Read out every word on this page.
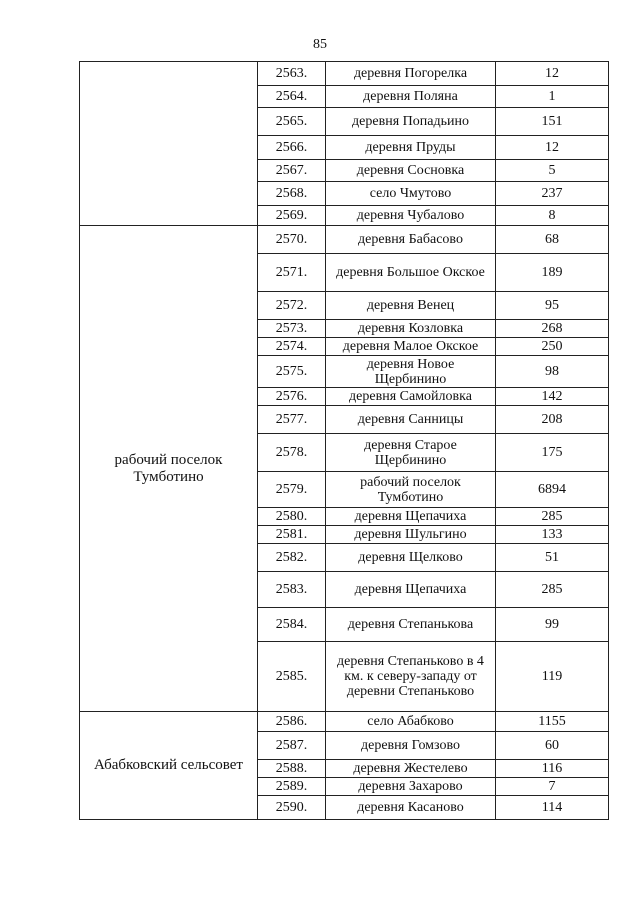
85
	2563.	деревня Погорелка	12
	2564.	деревня Поляна	1
	2565.	деревня Попадьино	151
	2566.	деревня Пруды	12
	2567.	деревня Сосновка	5
	2568.	село Чмутово	237
	2569.	деревня Чубалово	8
рабочий поселок Тумботино	2570.	деревня Бабасово	68
	2571.	деревня Большое Окское	189
	2572.	деревня Венец	95
	2573.	деревня Козловка	268
	2574.	деревня Малое Окское	250
	2575.	деревня Новое Щербинино	98
	2576.	деревня Самойловка	142
	2577.	деревня Санницы	208
	2578.	деревня Старое Щербинино	175
	2579.	рабочий поселок Тумботино	6894
	2580.	деревня Щепачиха	285
	2581.	деревня Шульгино	133
	2582.	деревня Щелково	51
	2583.	деревня Щепачиха	285
	2584.	деревня Степанькова	99
	2585.	деревня Степаньково в 4 км. к северу-западу от деревни Степаньково	119
Абабковский сельсовет	2586.	село Абабково	1155
	2587.	деревня Гомзово	60
	2588.	деревня Жестелево	116
	2589.	деревня Захарово	7
	2590.	деревня Касаново	114
